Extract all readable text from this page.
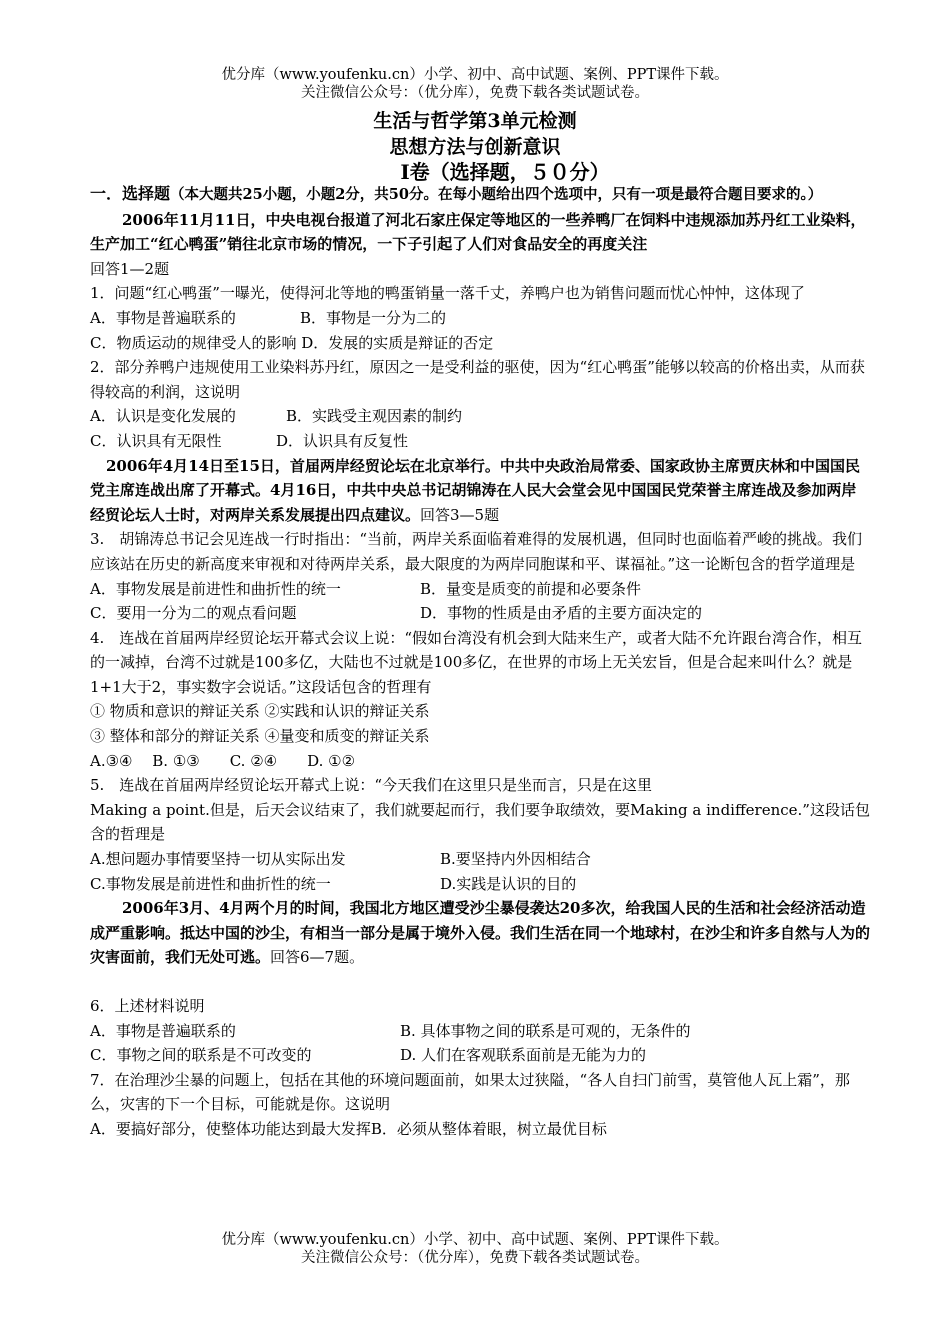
优分库（www.youfenku.cn）小学、初中、高中试题、案例、PPT课件下载。
关注微信公众号：（优分库），免费下载各类试题试卷。
生活与哲学第3单元检测
思想方法与创新意识
Ⅰ卷（选择题，５０分）

一．选择题（本大题共25小题，小题2分，共50分。在每小题给出四个选项中，只有一项是最符合题目要求的。）

2006年11月11日，中央电视台报道了河北石家庄保定等地区的一些养鸭厂在饲料中违规添加苏丹红工业染料，生产加工“红心鸭蛋”销往北京市场的情况，一下子引起了人们对食品安全的再度关注

回答1—2题

1．问题“红心鸭蛋”一曝光，使得河北等地的鸭蛋销量一落千丈，养鸭户也为销售问题而忧心忡忡，这体现了

A．事物是普遍联系的	B．事物是一分为二的

C．物质运动的规律受人的影响 D．发展的实质是辩证的否定

2．部分养鸭户违规使用工业染料苏丹红，原因之一是受利益的驱使，因为“红心鸭蛋”能够以较高的价格出卖，从而获得较高的利润，这说明

A．认识是变化发展的	B．实践受主观因素的制约

C．认识具有无限性	D．认识具有反复性

2006年4月14日至15日，首届两岸经贸论坛在北京举行。中共中央政治局常委、国家政协主席贾庆林和中国国民党主席连战出席了开幕式。4月16日，中共中央总书记胡锦涛在人民大会堂会见中国国民党荣誉主席连战及参加两岸经贸论坛人士时，对两岸关系发展提出四点建议。回答3—5题

3.　胡锦涛总书记会见连战一行时指出：“当前，两岸关系面临着难得的发展机遇，但同时也面临着严峻的挑战。我们应该站在历史的新高度来审视和对待两岸关系，最大限度的为两岸同胞谋和平、谋福祉。”这一论断包含的哲学道理是

A．事物发展是前进性和曲折性的统一	B．量变是质变的前提和必要条件

C．要用一分为二的观点看问题	D．事物的性质是由矛盾的主要方面决定的

4.　连战在首届两岸经贸论坛开幕式会议上说：“假如台湾没有机会到大陆来生产，或者大陆不允许跟台湾合作，相互的一减掉，台湾不过就是100多亿，大陆也不过就是100多亿，在世界的市场上无关宏旨，但是合起来叫什么？就是1+1大于2，事实数字会说话。”这段话包含的哲理有

① 物质和意识的辩证关系 ②实践和认识的辩证关系

③ 整体和部分的辩证关系 ④量变和质变的辩证关系

A.③④　 B. ①③　　C. ②④　　D. ①②

5.　连战在首届两岸经贸论坛开幕式上说：“今天我们在这里只是坐而言，只是在这里

Making a point.但是，后天会议结束了，我们就要起而行，我们要争取绩效，要Making a indifference.”这段话包含的哲理是

A.想问题办事情要坚持一切从实际出发	B.要坚持内外因相结合

C.事物发展是前进性和曲折性的统一	D.实践是认识的目的

2006年3月、4月两个月的时间，我国北方地区遭受沙尘暴侵袭达20多次，给我国人民的生活和社会经济活动造成严重影响。抵达中国的沙尘，有相当一部分是属于境外入侵。我们生活在同一个地球村，在沙尘和许多自然与人为的灾害面前，我们无处可逃。回答6—7题。

6．上述材料说明

A．事物是普遍联系的	B. 具体事物之间的联系是可观的，无条件的

C．事物之间的联系是不可改变的	D. 人们在客观联系面前是无能为力的

7．在治理沙尘暴的问题上，包括在其他的环境问题面前，如果太过狭隘，“各人自扫门前雪，莫管他人瓦上霜”，那么，灾害的下一个目标，可能就是你。这说明

A．要搞好部分，使整体功能达到最大发挥B．必须从整体着眼，树立最优目标

优分库（www.youfenku.cn）小学、初中、高中试题、案例、PPT课件下载。
关注微信公众号：（优分库），免费下载各类试题试卷。
